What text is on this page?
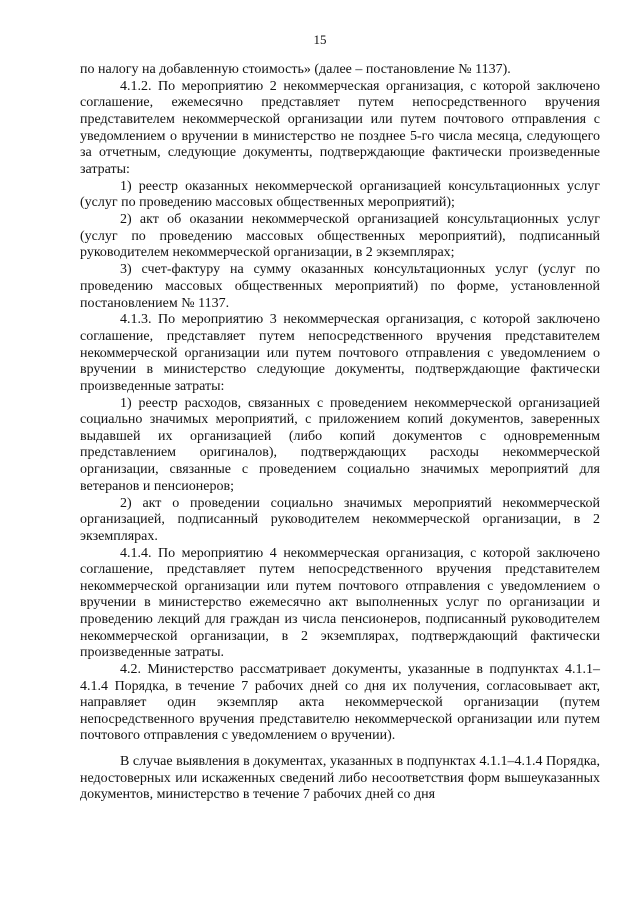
15

по налогу на добавленную стоимость» (далее – постановление № 1137).

4.1.2. По мероприятию 2 некоммерческая организация, с которой заключено соглашение, ежемесячно представляет путем непосредственного вручения представителем некоммерческой организации или путем почтового отправления с уведомлением о вручении в министерство не позднее 5-го числа месяца, следующего за отчетным, следующие документы, подтверждающие фактически произведенные затраты:

1) реестр оказанных некоммерческой организацией консультационных услуг (услуг по проведению массовых общественных мероприятий);

2) акт об оказании некоммерческой организацией консультационных услуг (услуг по проведению массовых общественных мероприятий), подписанный руководителем некоммерческой организации, в 2 экземплярах;

3) счет-фактуру на сумму оказанных консультационных услуг (услуг по проведению массовых общественных мероприятий) по форме, установленной постановлением № 1137.

4.1.3. По мероприятию 3 некоммерческая организация, с которой заключено соглашение, представляет путем непосредственного вручения представителем некоммерческой организации или путем почтового отправления с уведомлением о вручении в министерство следующие документы, подтверждающие фактически произведенные затраты:

1) реестр расходов, связанных с проведением некоммерческой организацией социально значимых мероприятий, с приложением копий документов, заверенных выдавшей их организацией (либо копий документов с одновременным представлением оригиналов), подтверждающих расходы некоммерческой организации, связанные с проведением социально значимых мероприятий для ветеранов и пенсионеров;

2) акт о проведении социально значимых мероприятий некоммерческой организацией, подписанный руководителем некоммерческой организации, в 2 экземплярах.

4.1.4. По мероприятию 4 некоммерческая организация, с которой заключено соглашение, представляет путем непосредственного вручения представителем некоммерческой организации или путем почтового отправления с уведомлением о вручении в министерство ежемесячно акт выполненных услуг по организации и проведению лекций для граждан из числа пенсионеров, подписанный руководителем некоммерческой организации, в 2 экземплярах, подтверждающий фактически произведенные затраты.

4.2. Министерство рассматривает документы, указанные в подпунктах 4.1.1–4.1.4 Порядка, в течение 7 рабочих дней со дня их получения, согласовывает акт, направляет один экземпляр акта некоммерческой организации (путем непосредственного вручения представителю некоммерческой организации или путем почтового отправления с уведомлением о вручении).

В случае выявления в документах, указанных в подпунктах 4.1.1–4.1.4 Порядка, недостоверных или искаженных сведений либо несоответствия форм вышеуказанных документов, министерство в течение 7 рабочих дней со дня
